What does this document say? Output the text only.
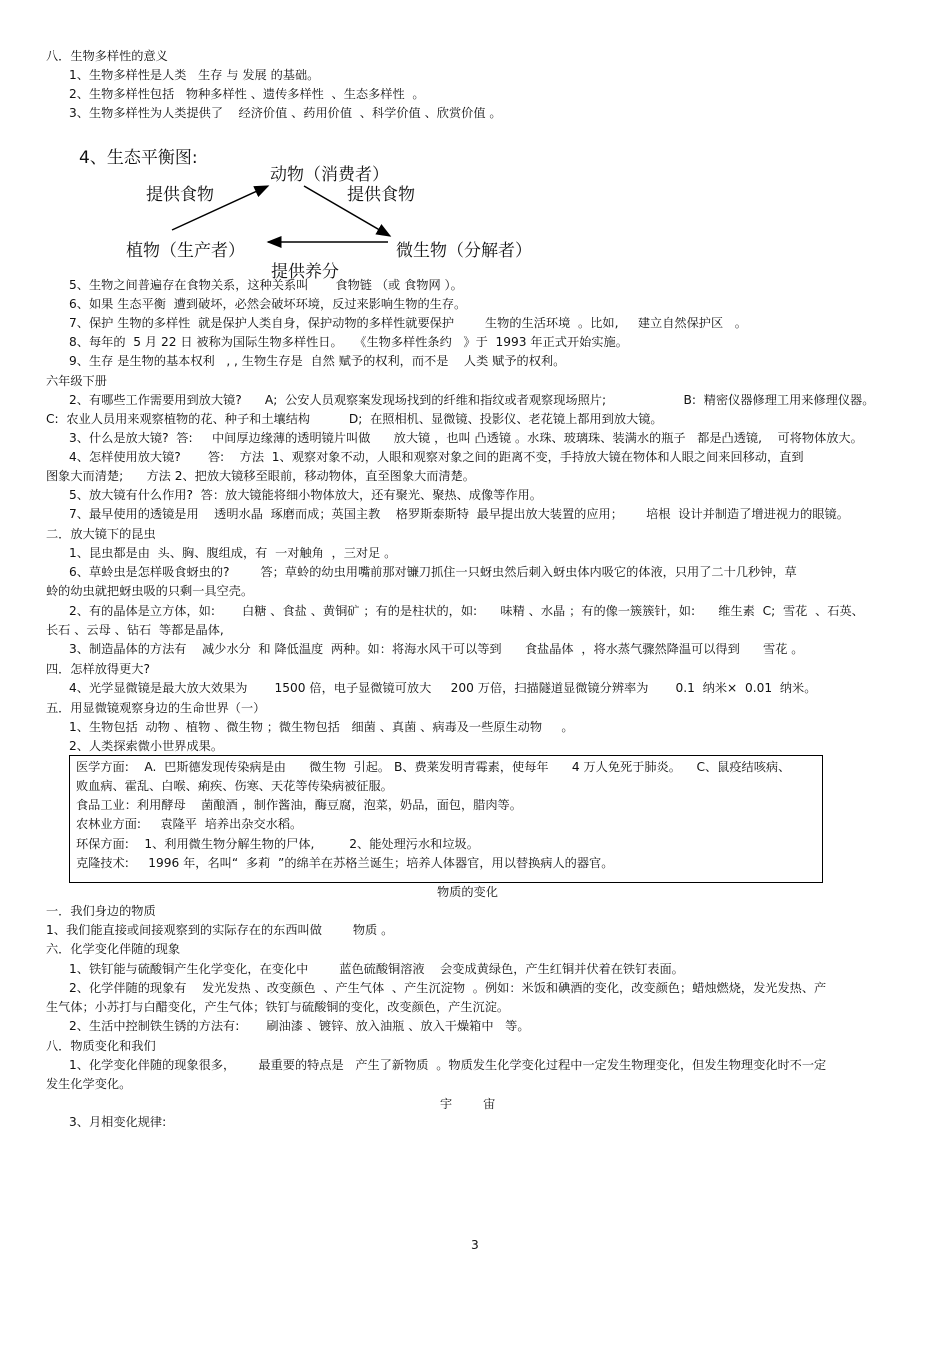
八．生物多样性的意义
1、生物多样性是人类   生存 与 发展 的基础。
2、生物多样性包括   物种多样性 、遗传多样性  、生态多样性  。
3、生物多样性为人类提供了    经济价值 、药用价值  、科学价值 、欣赏价值 。
5、生物之间普遍存在食物关系，这种关系叫       食物链 （或 食物网 ）。
6、如果 生态平衡  遭到破坏，必然会破坏环境，反过来影响生物的生存。
7、保护 生物的多样性  就是保护人类自身，保护动物的多样性就要保护        生物的生活环境  。比如,     建立自然保护区   。
8、每年的  5 月 22 日 被称为国际生物多样性日。   《生物多样性条约   》于  1993 年正式开始实施。
9、生存 是生物的基本权利   , , 生物生存是  自然 赋予的权利，而不是    人类 赋予的权利。
六年级下册
2、有哪些工作需要用到放大镜?      A;  公安人员观察案发现场找到的纤维和指纹或者观察现场照片;                    B:  精密仪器修理工用来修理仪器。
C:  农业人员用来观察植物的花、种子和土壤结构          D;  在照相机、显微镜、投影仪、老花镜上都用到放大镜。
3、什么是放大镜?  答:     中间厚边缘薄的透明镜片叫做      放大镜 ，也叫 凸透镜 。水珠、玻璃珠、装满水的瓶子   都是凸透镜,    可将物体放大。
4、怎样使用放大镜?       答:    方法  1、观察对象不动，人眼和观察对象之间的距离不变，手持放大镜在物体和人眼之间来回移动，直到
图象大而清楚;      方法 2、把放大镜移至眼前，移动物体，直至图象大而清楚。
5、放大镜有什么作用?  答：放大镜能将细小物体放大，还有聚光、聚热、成像等作用。
7、最早使用的透镜是用    透明水晶  琢磨而成；英国主教    格罗斯泰斯特  最早提出放大装置的应用；      培根  设计并制造了增进视力的眼镜。
二．放大镜下的昆虫
1、昆虫都是由  头、胸、腹组成，有  一对触角  ，三对足 。
6、草蛉虫是怎样吸食蚜虫的?        答；草蛉的幼虫用嘴前那对镰刀抓住一只蚜虫然后刺入蚜虫体内吸它的体液，只用了二十几秒钟，草
蛉的幼虫就把蚜虫吸的只剩一具空壳。
2、有的晶体是立方体，如:       白糖 、食盐 、黄铜矿 ；有的是柱状的，如:      味精 、水晶 ；有的像一簇簇针，如:      维生素  C;  雪花  、石英、
长石 、云母 、钻石  等都是晶体,
3、制造晶体的方法有    减少水分  和 降低温度  两种。如：将海水风干可以等到      食盐晶体  ，将水蒸气骤然降温可以得到      雪花 。
四．怎样放得更大?
4、光学显微镜是最大放大效果为       1500 倍，电子显微镜可放大     200 万倍，扫描隧道显微镜分辨率为       0.1  纳米×  0.01  纳米。
五．用显微镜观察身边的生命世界（一）
1、生物包括  动物 、植物 、微生物 ；微生物包括   细菌 、真菌 、病毒及一些原生动物     。
2、人类探索微小世界成果。
医学方面:    A.  巴斯德发现传染病是由      微生物  引起。 B、费莱发明青霉素，使每年      4 万人免死于肺炎。    C、鼠疫结咳病、
败血病、霍乱、白喉、痢疾、伤寒、天花等传染病被征服。
食品工业：利用酵母    菌酿酒 ，制作酱油，酶豆腐，泡菜，奶品，面包，腊肉等。
农林业方面:     袁隆平  培养出杂交水稻。
环保方面:    1、利用微生物分解生物的尸体,         2、能处理污水和垃圾。
克隆技术:     1996 年，名叫“  多莉  ”的绵羊在苏格兰诞生；培养人体器官，用以替换病人的器官。
一．我们身边的物质
1、我们能直接或间接观察到的实际存在的东西叫做        物质 。
六．化学变化伴随的现象
1、铁钉能与硫酸铜产生化学变化，在变化中        蓝色硫酸铜溶液    会变成黄绿色，产生红铜并伏着在铁钉表面。
2、化学伴随的现象有    发光发热 、改变颜色  、产生气体  、产生沉淀物  。例如：米饭和碘酒的变化，改变颜色；蜡烛燃烧，发光发热、产
生气体；小苏打与白醋变化，产生气体；铁钉与硫酸铜的变化，改变颜色，产生沉淀。
2、生活中控制铁生锈的方法有:       刷油漆 、镀锌、放入油瓶 、放入干燥箱中   等。
八．物质变化和我们
1、化学变化伴随的现象很多，      最重要的特点是   产生了新物质  。物质发生化学变化过程中一定发生物理变化，但发生物理变化时不一定
发生化学变化。
3、月相变化规律:
4、生态平衡图:
动物（消费者）
提供食物	提供食物
植物（生产者）	微生物（分解者）
提供养分
物质的变化
宇        宙
3
